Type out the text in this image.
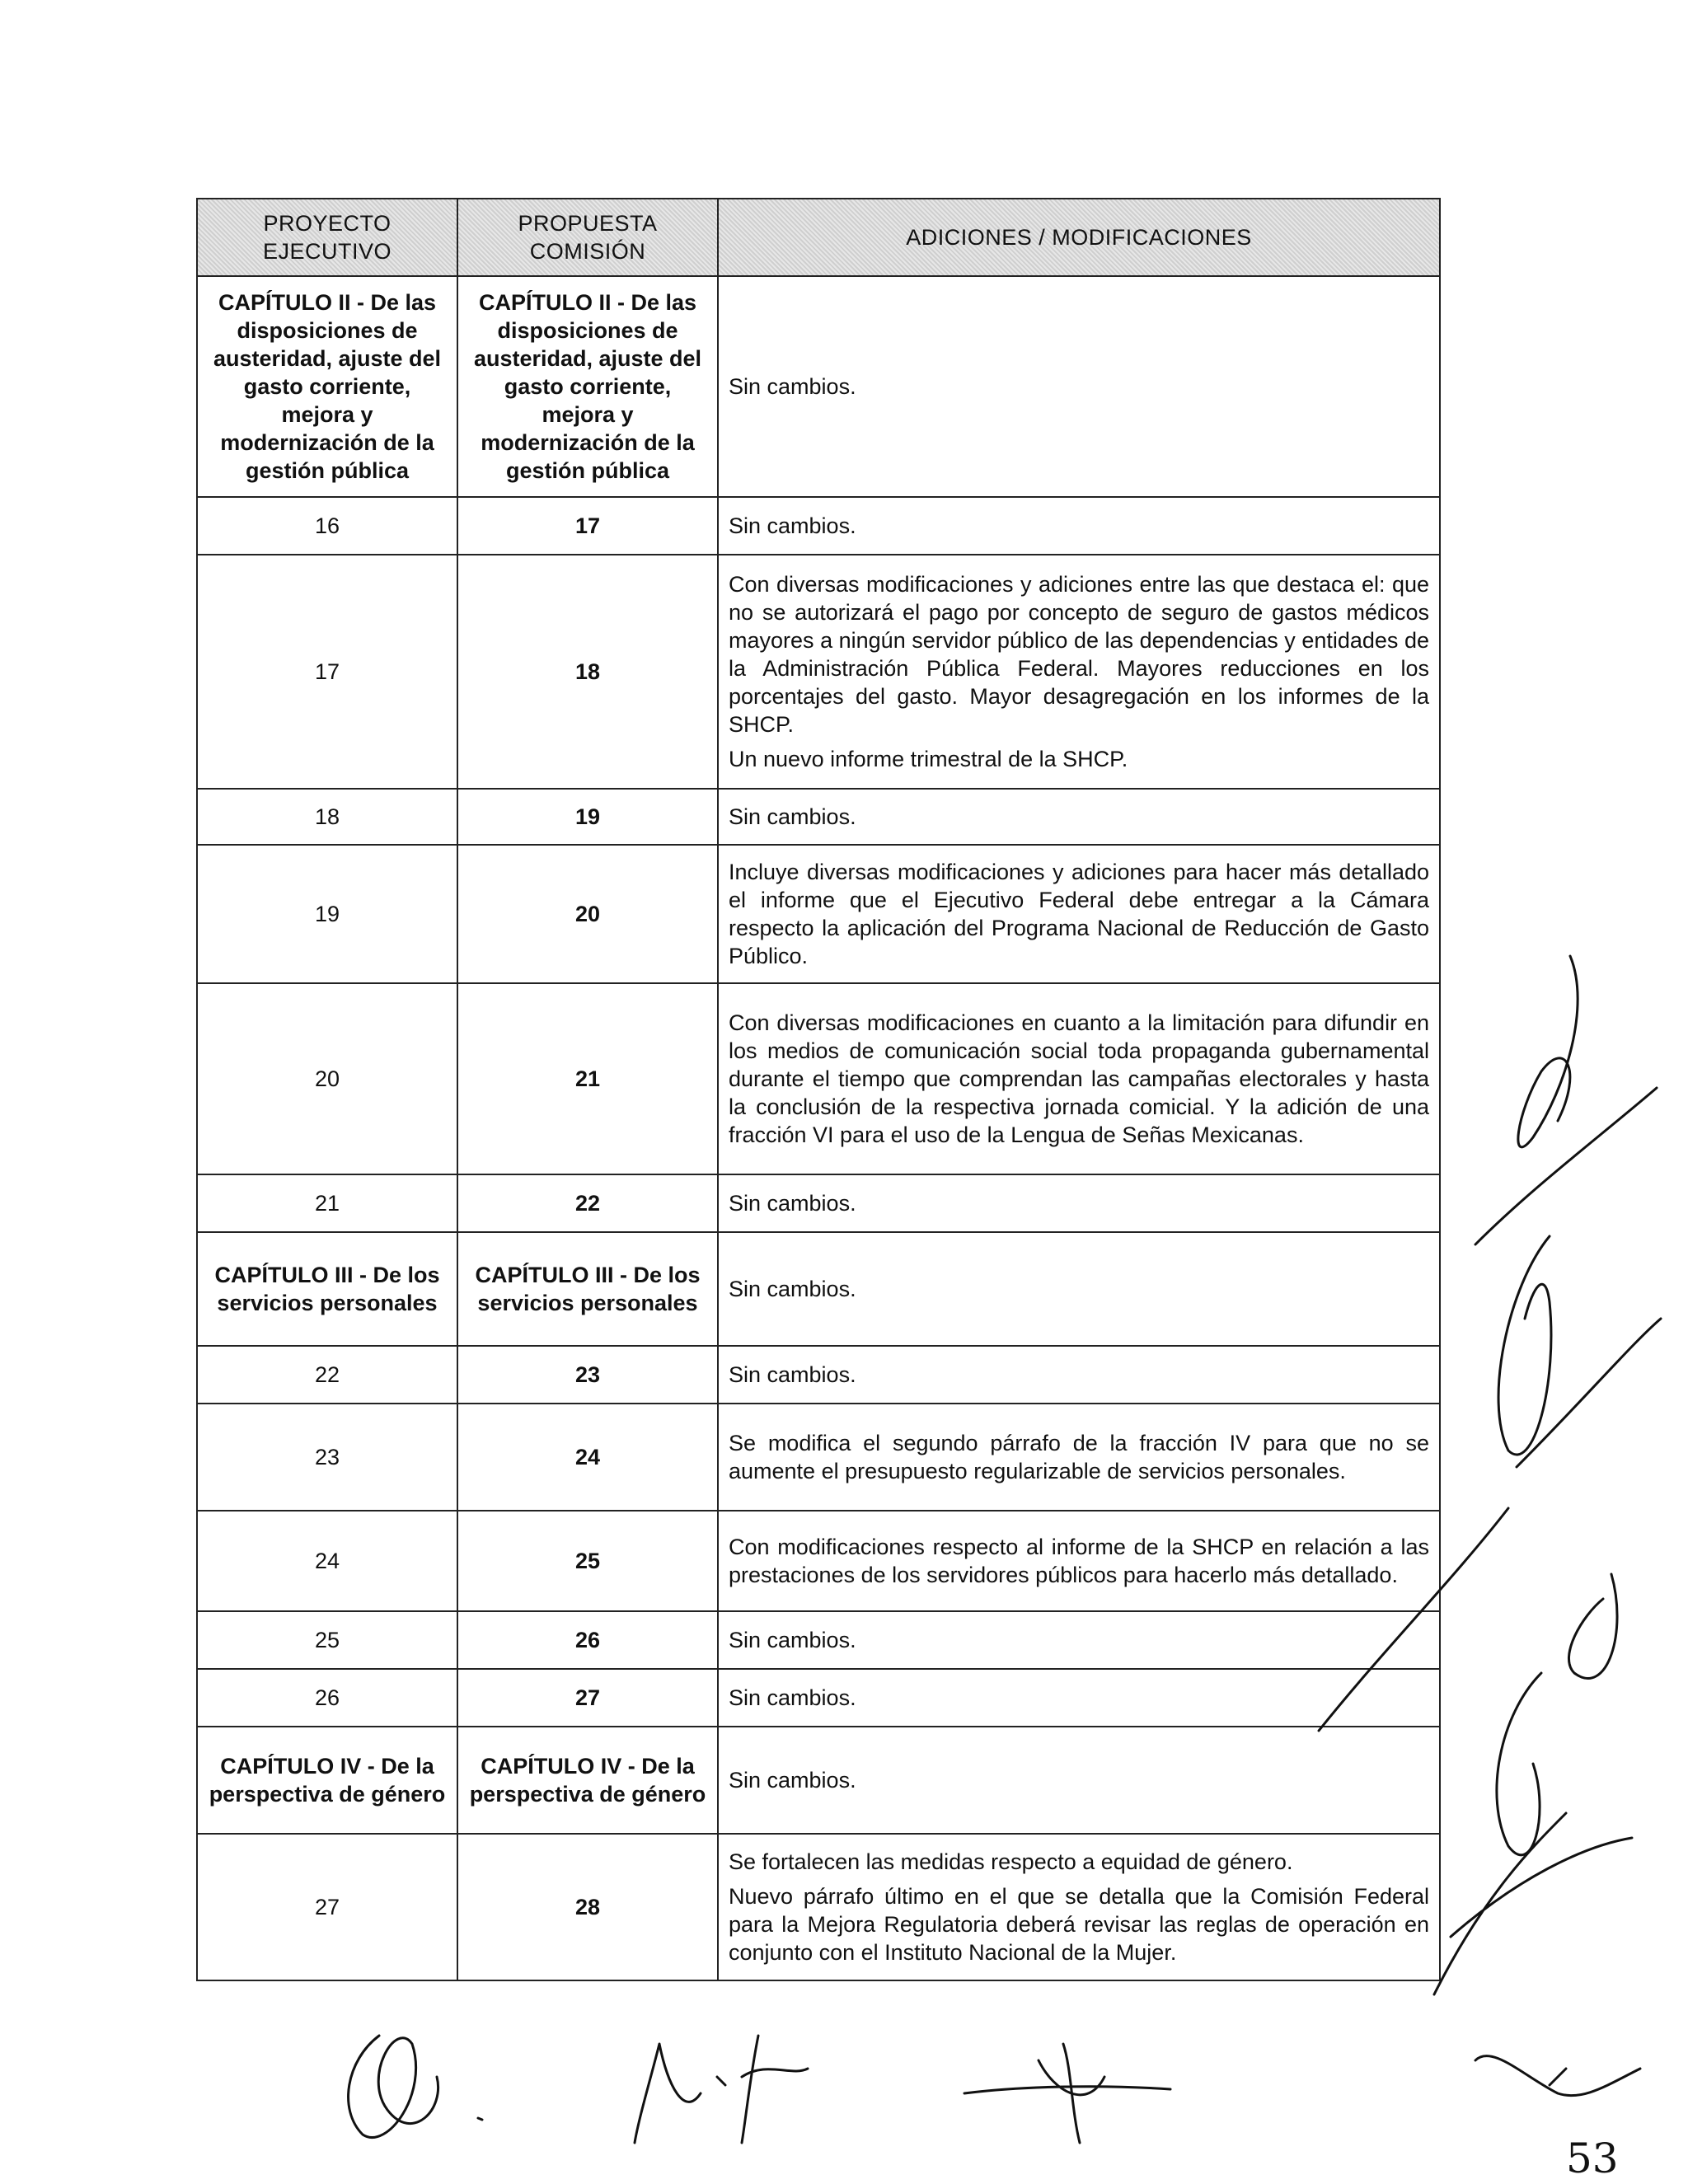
PROYECTO EJECUTIVO	PROPUESTA COMISIÓN	ADICIONES / MODIFICACIONES
CAPÍTULO II - De las disposiciones de austeridad, ajuste del gasto corriente, mejora y modernización de la gestión pública	CAPÍTULO II - De las disposiciones de austeridad, ajuste del gasto corriente, mejora y modernización de la gestión pública	Sin cambios.

16	17	Sin cambios.

17	18	Con diversas modificaciones y adiciones entre las que destaca el: que no se autorizará el pago por concepto de seguro de gastos médicos mayores a ningún servidor público de las dependencias y entidades de la Administración Pública Federal. Mayores reducciones en los porcentajes del gasto. Mayor desagregación en los informes de la SHCP.

Un nuevo informe trimestral de la SHCP.

18	19	Sin cambios.

19	20	Incluye diversas modificaciones y adiciones para hacer más detallado el informe que el Ejecutivo Federal debe entregar a la Cámara respecto la aplicación del Programa Nacional de Reducción de Gasto Público.

20	21	Con diversas modificaciones en cuanto a la limitación para difundir en los medios de comunicación social toda propaganda gubernamental durante el tiempo que comprendan las campañas electorales y hasta la conclusión de la respectiva jornada comicial. Y la adición de una fracción VI para el uso de la Lengua de Señas Mexicanas.

21	22	Sin cambios.

CAPÍTULO III - De los servicios personales	CAPÍTULO III - De los servicios personales	Sin cambios.

22	23	Sin cambios.

23	24	Se modifica el segundo párrafo de la fracción IV para que no se aumente el presupuesto regularizable de servicios personales.

24	25	Con modificaciones respecto al informe de la SHCP en relación a las prestaciones de los servidores públicos para hacerlo más detallado.

25	26	Sin cambios.

26	27	Sin cambios.

CAPÍTULO IV - De la perspectiva de género	CAPÍTULO IV - De la perspectiva de género	Sin cambios.

27	28	Se fortalecen las medidas respecto a equidad de género.

Nuevo párrafo último en el que se detalla que la Comisión Federal para la Mejora Regulatoria deberá revisar las reglas de operación en conjunto con el Instituto Nacional de la Mujer.

53
